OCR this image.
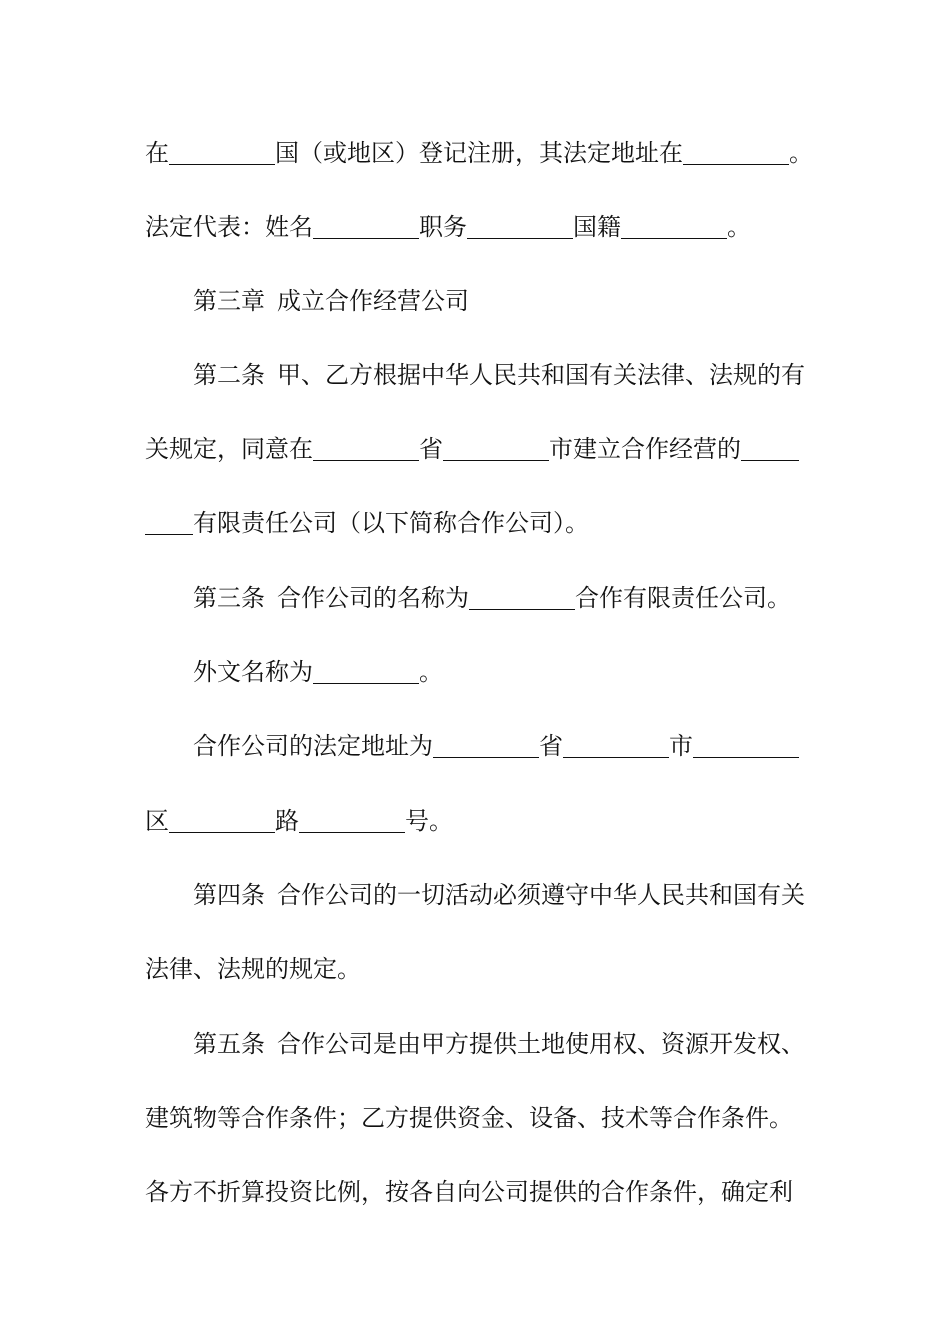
在	国（或地区）登记注册，其法定地址在	。
法定代表：姓名	职务	国籍	。
第三章 成立合作经营公司
第二条 甲、乙方根据中华人民共和国有关法律、法规的有
关规定，同意在	省	市建立合作经营的
有限责任公司（以下简称合作公司）。
第三条 合作公司的名称为	合作有限责任公司。
外文名称为	。
合作公司的法定地址为	省	市
区	路	号。
第四条 合作公司的一切活动必须遵守中华人民共和国有关
法律、法规的规定。
第五条 合作公司是由甲方提供土地使用权、资源开发权、
建筑物等合作条件；乙方提供资金、设备、技术等合作条件。
各方不折算投资比例，按各自向公司提供的合作条件，确定利
